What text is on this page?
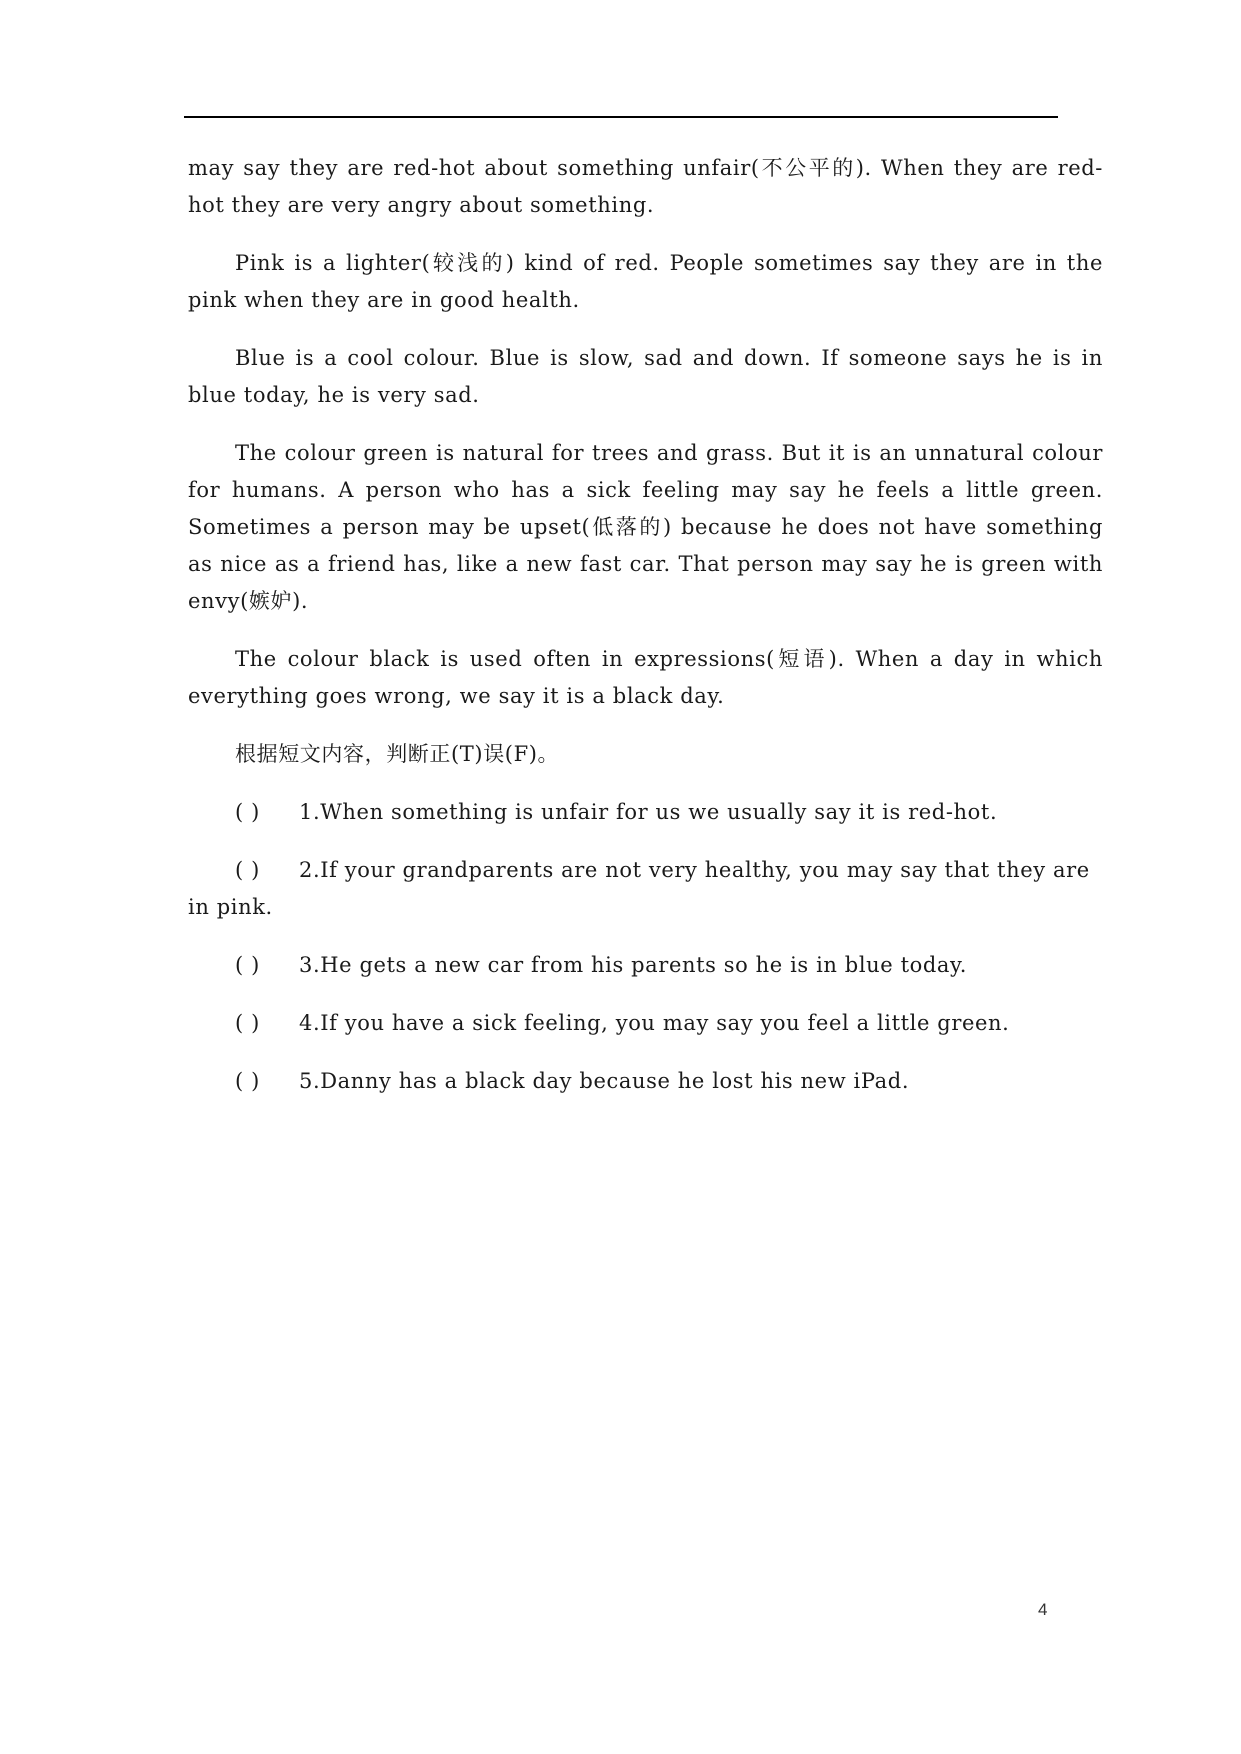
may say they are red-hot about something unfair(不公平的). When they are red-hot they are very angry about something.

Pink is a lighter(较浅的) kind of red. People sometimes say they are in the pink when they are in good health.

Blue is a cool colour. Blue is slow, sad and down. If someone says he is in blue today, he is very sad.

The colour green is natural for trees and grass. But it is an unnatural colour for humans. A person who has a sick feeling may say he feels a little green. Sometimes a person may be upset(低落的) because he does not have something as nice as a friend has, like a new fast car. That person may say he is green with envy(嫉妒).

The colour black is used often in expressions(短语). When a day in which everything goes wrong, we say it is a black day.

根据短文内容，判断正(T)误(F)。

( ) 1.When something is unfair for us we usually say it is red-hot.
( ) 2.If your grandparents are not very healthy, you may say that they are in pink.
( ) 3.He gets a new car from his parents so he is in blue today.
( ) 4.If you have a sick feeling, you may say you feel a little green.
( ) 5.Danny has a black day because he lost his new iPad.
4
